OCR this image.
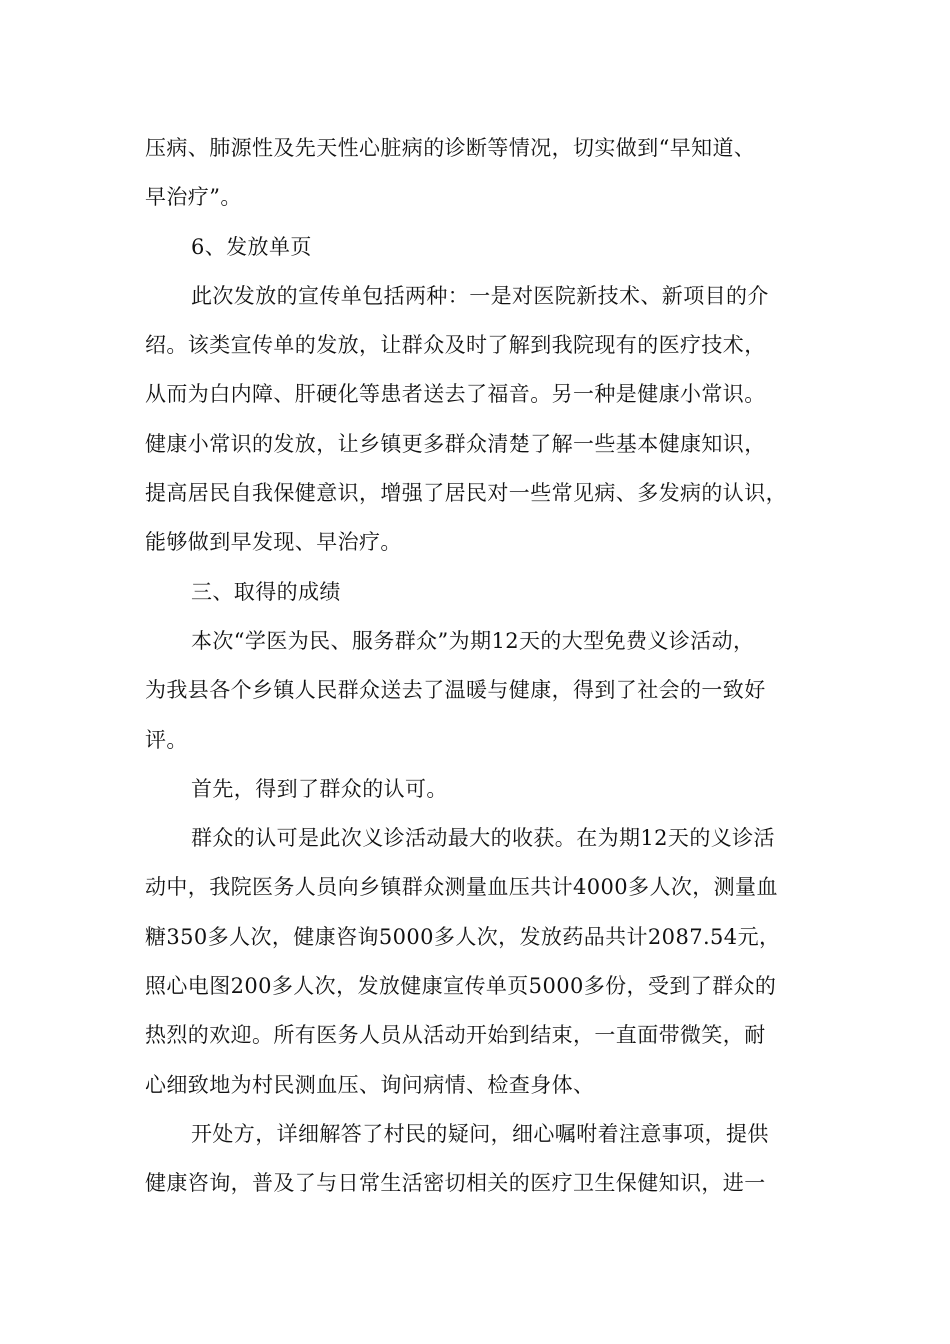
压病、肺源性及先天性心脏病的诊断等情况，切实做到“早知道、
早治疗”。
6、发放单页
此次发放的宣传单包括两种：一是对医院新技术、新项目的介
绍。该类宣传单的发放，让群众及时了解到我院现有的医疗技术，
从而为白内障、肝硬化等患者送去了福音。另一种是健康小常识。
健康小常识的发放，让乡镇更多群众清楚了解一些基本健康知识，
提高居民自我保健意识，增强了居民对一些常见病、多发病的认识，
能够做到早发现、早治疗。
三、取得的成绩
本次“学医为民、服务群众”为期12天的大型免费义诊活动，
为我县各个乡镇人民群众送去了温暖与健康，得到了社会的一致好
评。
首先，得到了群众的认可。
群众的认可是此次义诊活动最大的收获。在为期12天的义诊活
动中，我院医务人员向乡镇群众测量血压共计4000多人次，测量血
糖350多人次，健康咨询5000多人次，发放药品共计2087.54元，
照心电图200多人次，发放健康宣传单页5000多份，受到了群众的
热烈的欢迎。所有医务人员从活动开始到结束，一直面带微笑，耐
心细致地为村民测血压、询问病情、检查身体、
开处方，详细解答了村民的疑问，细心嘱咐着注意事项，提供
健康咨询，普及了与日常生活密切相关的医疗卫生保健知识，进一
